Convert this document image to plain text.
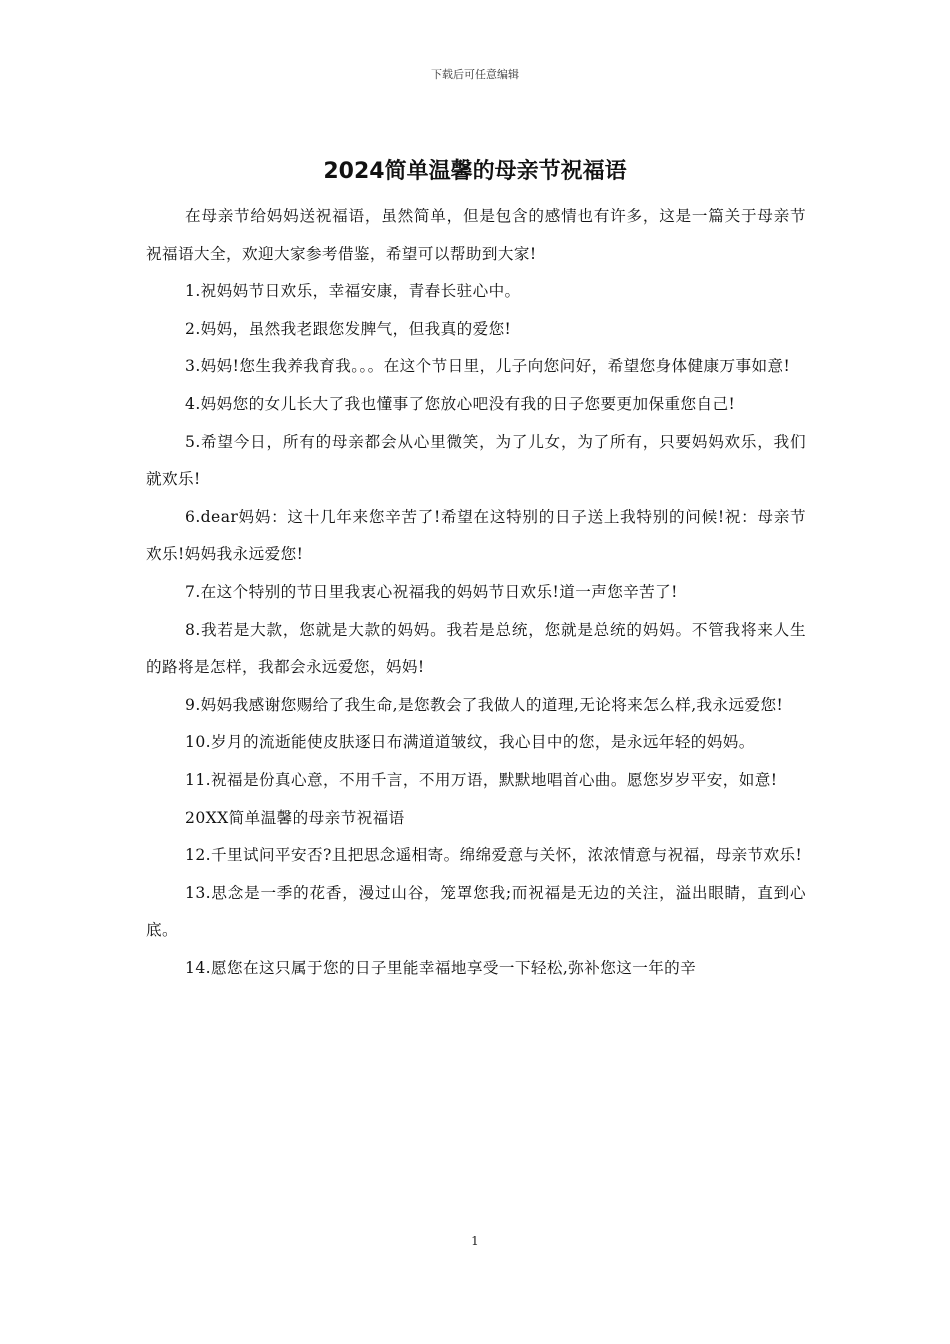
下载后可任意编辑
2024简单温馨的母亲节祝福语

在母亲节给妈妈送祝福语，虽然简单，但是包含的感情也有许多，这是一篇关于母亲节祝福语大全，欢迎大家参考借鉴，希望可以帮助到大家!

1.祝妈妈节日欢乐，幸福安康，青春长驻心中。

2.妈妈，虽然我老跟您发脾气，但我真的爱您!

3.妈妈!您生我养我育我。。。在这个节日里，儿子向您问好，希望您身体健康万事如意!

4.妈妈您的女儿长大了我也懂事了您放心吧没有我的日子您要更加保重您自己!

5.希望今日，所有的母亲都会从心里微笑，为了儿女，为了所有，只要妈妈欢乐，我们就欢乐!

6.dear妈妈：这十几年来您辛苦了!希望在这特别的日子送上我特别的问候!祝：母亲节欢乐!妈妈我永远爱您!

7.在这个特别的节日里我衷心祝福我的妈妈节日欢乐!道一声您辛苦了!

8.我若是大款，您就是大款的妈妈。我若是总统，您就是总统的妈妈。不管我将来人生的路将是怎样，我都会永远爱您，妈妈!

9.妈妈我感谢您赐给了我生命,是您教会了我做人的道理,无论将来怎么样,我永远爱您!

10.岁月的流逝能使皮肤逐日布满道道皱纹，我心目中的您，是永远年轻的妈妈。

11.祝福是份真心意，不用千言，不用万语，默默地唱首心曲。愿您岁岁平安，如意!

20XX简单温馨的母亲节祝福语

12.千里试问平安否?且把思念遥相寄。绵绵爱意与关怀，浓浓情意与祝福，母亲节欢乐!

13.思念是一季的花香，漫过山谷，笼罩您我;而祝福是无边的关注，溢出眼睛，直到心底。

14.愿您在这只属于您的日子里能幸福地享受一下轻松,弥补您这一年的辛

1
